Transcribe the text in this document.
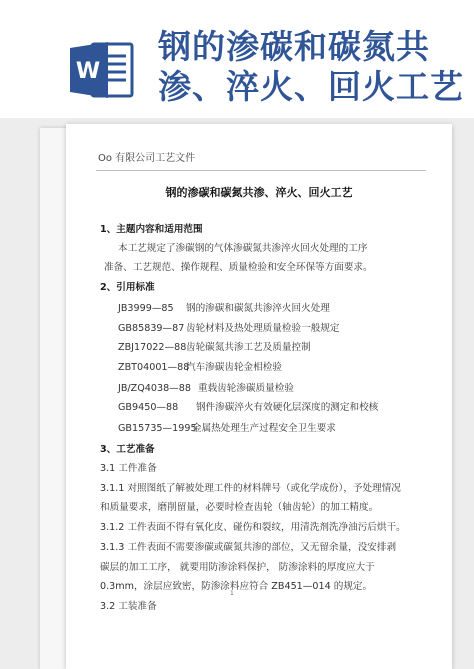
W
钢的渗碳和碳氮共
渗、淬火、回火工艺
Oo 有限公司工艺文件
钢的渗碳和碳氮共渗、淬火、回火工艺
1、主题内容和适用范围
本工艺规定了渗碳钢的气体渗碳氮共渗淬火回火处理的工序
准备、工艺规范、操作规程、质量检验和安全环保等方面要求。
2、引用标准
JB3999—85 钢的渗碳和碳氮共渗淬火回火处理
GB85839—87 齿轮材料及热处理质量检验一般规定
ZBJ17022—88 齿轮碳氮共渗工艺及质量控制
ZBT04001—88
汽车渗碳齿轮金相检验
JB/ZQ4038—88 重载齿轮渗碳质量检验
GB9450—88 钢件渗碳淬火有效硬化层深度的测定和校核
GB15735—1995
金属热处理生产过程安全卫生要求
3、工艺准备
3.1 工件准备
3.1.1 对照图纸了解被处理工件的材料牌号（或化学成份），予处理情况
和质量要求，磨削留量，必要时检查齿轮（轴齿轮）的加工精度。
3.1.2 工件表面不得有氧化皮、碰伤和裂纹，用清洗剂洗净油污后烘干。
3.1.3 工件表面不需要渗碳或碳氮共渗的部位，又无留余量，没安排剥
碳层的加工工序， 就要用防渗涂料保护， 防渗涂料的厚度应大于
0.3mm，涂层应致密，防渗涂料应符合 ZB451—014 的规定。
1
3.2 工装准备
